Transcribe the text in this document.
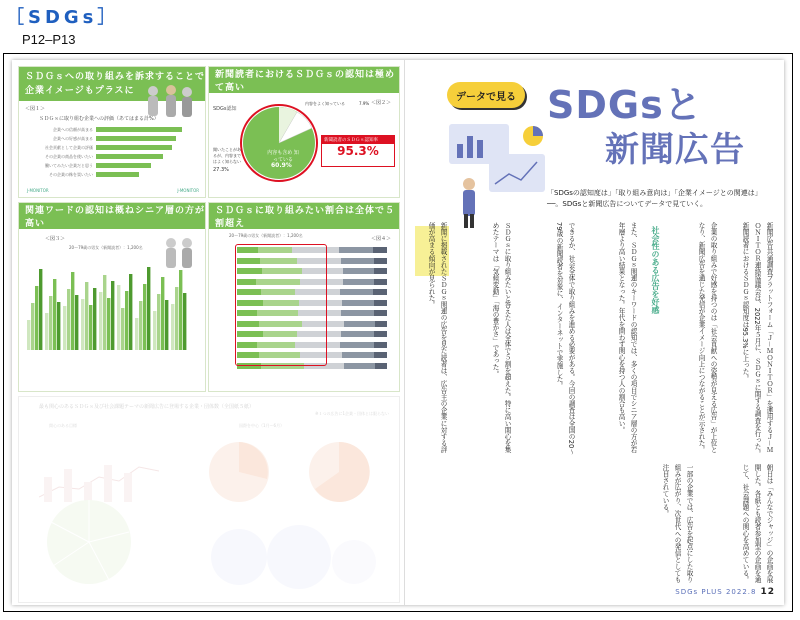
［SDGs］
P12–P13
ＳＤＧｓへの取り組みを訴求することで
企業イメージもプラスに
＜図１＞
ＳＤＧｓに取り組む企業への評価（あてはまる計%）
企業への信頼が高まる
企業への好感が高まる
社会貢献として企業の評価
その企業の商品を使いたい
働いてみたい企業だと思う
その企業の株を買いたい
J-MONITOR	J-MONITOR
新聞読者におけるＳＤＧｓの認知は極めて高い
＜図２＞
SDGs認知
内容も含め 知っている
60.9%
内容をよく知っている	7.9%
聞いたことがあるが、内容まではよく知らない
27.3%
新聞読者のＳＤＧｓ認知率
95.3%
関連ワードの認知は概ねシニア層の方が高い
＜図３＞
20〜79歳の男女（新聞読者）：1,200名
ＳＤＧｓに取り組みたい割合は全体で５割超え
＜図４＞
20〜79歳の男女（新聞読者）：1,200名
データで見る SDGsと
新聞広告
「SDGsの認知度は」「取り組み意向は」「企業イメージとの関連は」──。SDGsと新聞広告についてデータで見ていく。
新聞広告共通調査プラットフォーム「Ｊ－ＭＯＮＩＴＯＲ」を運用するＪ－ＭＯＮＩＴＯＲ連絡協議会は、2022年５月に、ＳＤＧｓに関する調査を行った。新聞読者におけるＳＤＧｓ認知度は95.3%に上った。
企業の取り組みで好感を持つのは「社会貢献への姿勢が見える広告」が上位となり、新聞広告を通じた発信が企業イメージ向上につながることが示された。
社会性のある広告を好感
また、ＳＤＧｓ関連のキーワードの認知では、多くの項目でシニア層の方が若年層より高い結果となった。年代を問わず関心を持つ人の割合も高い。
できるか、社会全体で取り組みを進める必要がある。今回の調査は全国の20〜79歳の新聞読者を対象に、インターネットで実施した。
ＳＤＧｓに取り組みたいと答えた人は全体で５割を超えた。特に高い関心を集めたテーマは「気候変動」「海の豊かさ」であった。
新聞に掲載されたＳＤＧｓ関連の広告を見た読者は、広告主の企業に対する評価が高まる傾向が見られた。
朝日は「みんなでジャッジ」の企画を展開した。各紙とも読者参加型の企画を通じて、社会課題への関心を高めている。
一部の企業では、広告を起点にした取り組みが広がり、次世代への発信としても注目されている。
SDGs PLUS 2022.8 12
